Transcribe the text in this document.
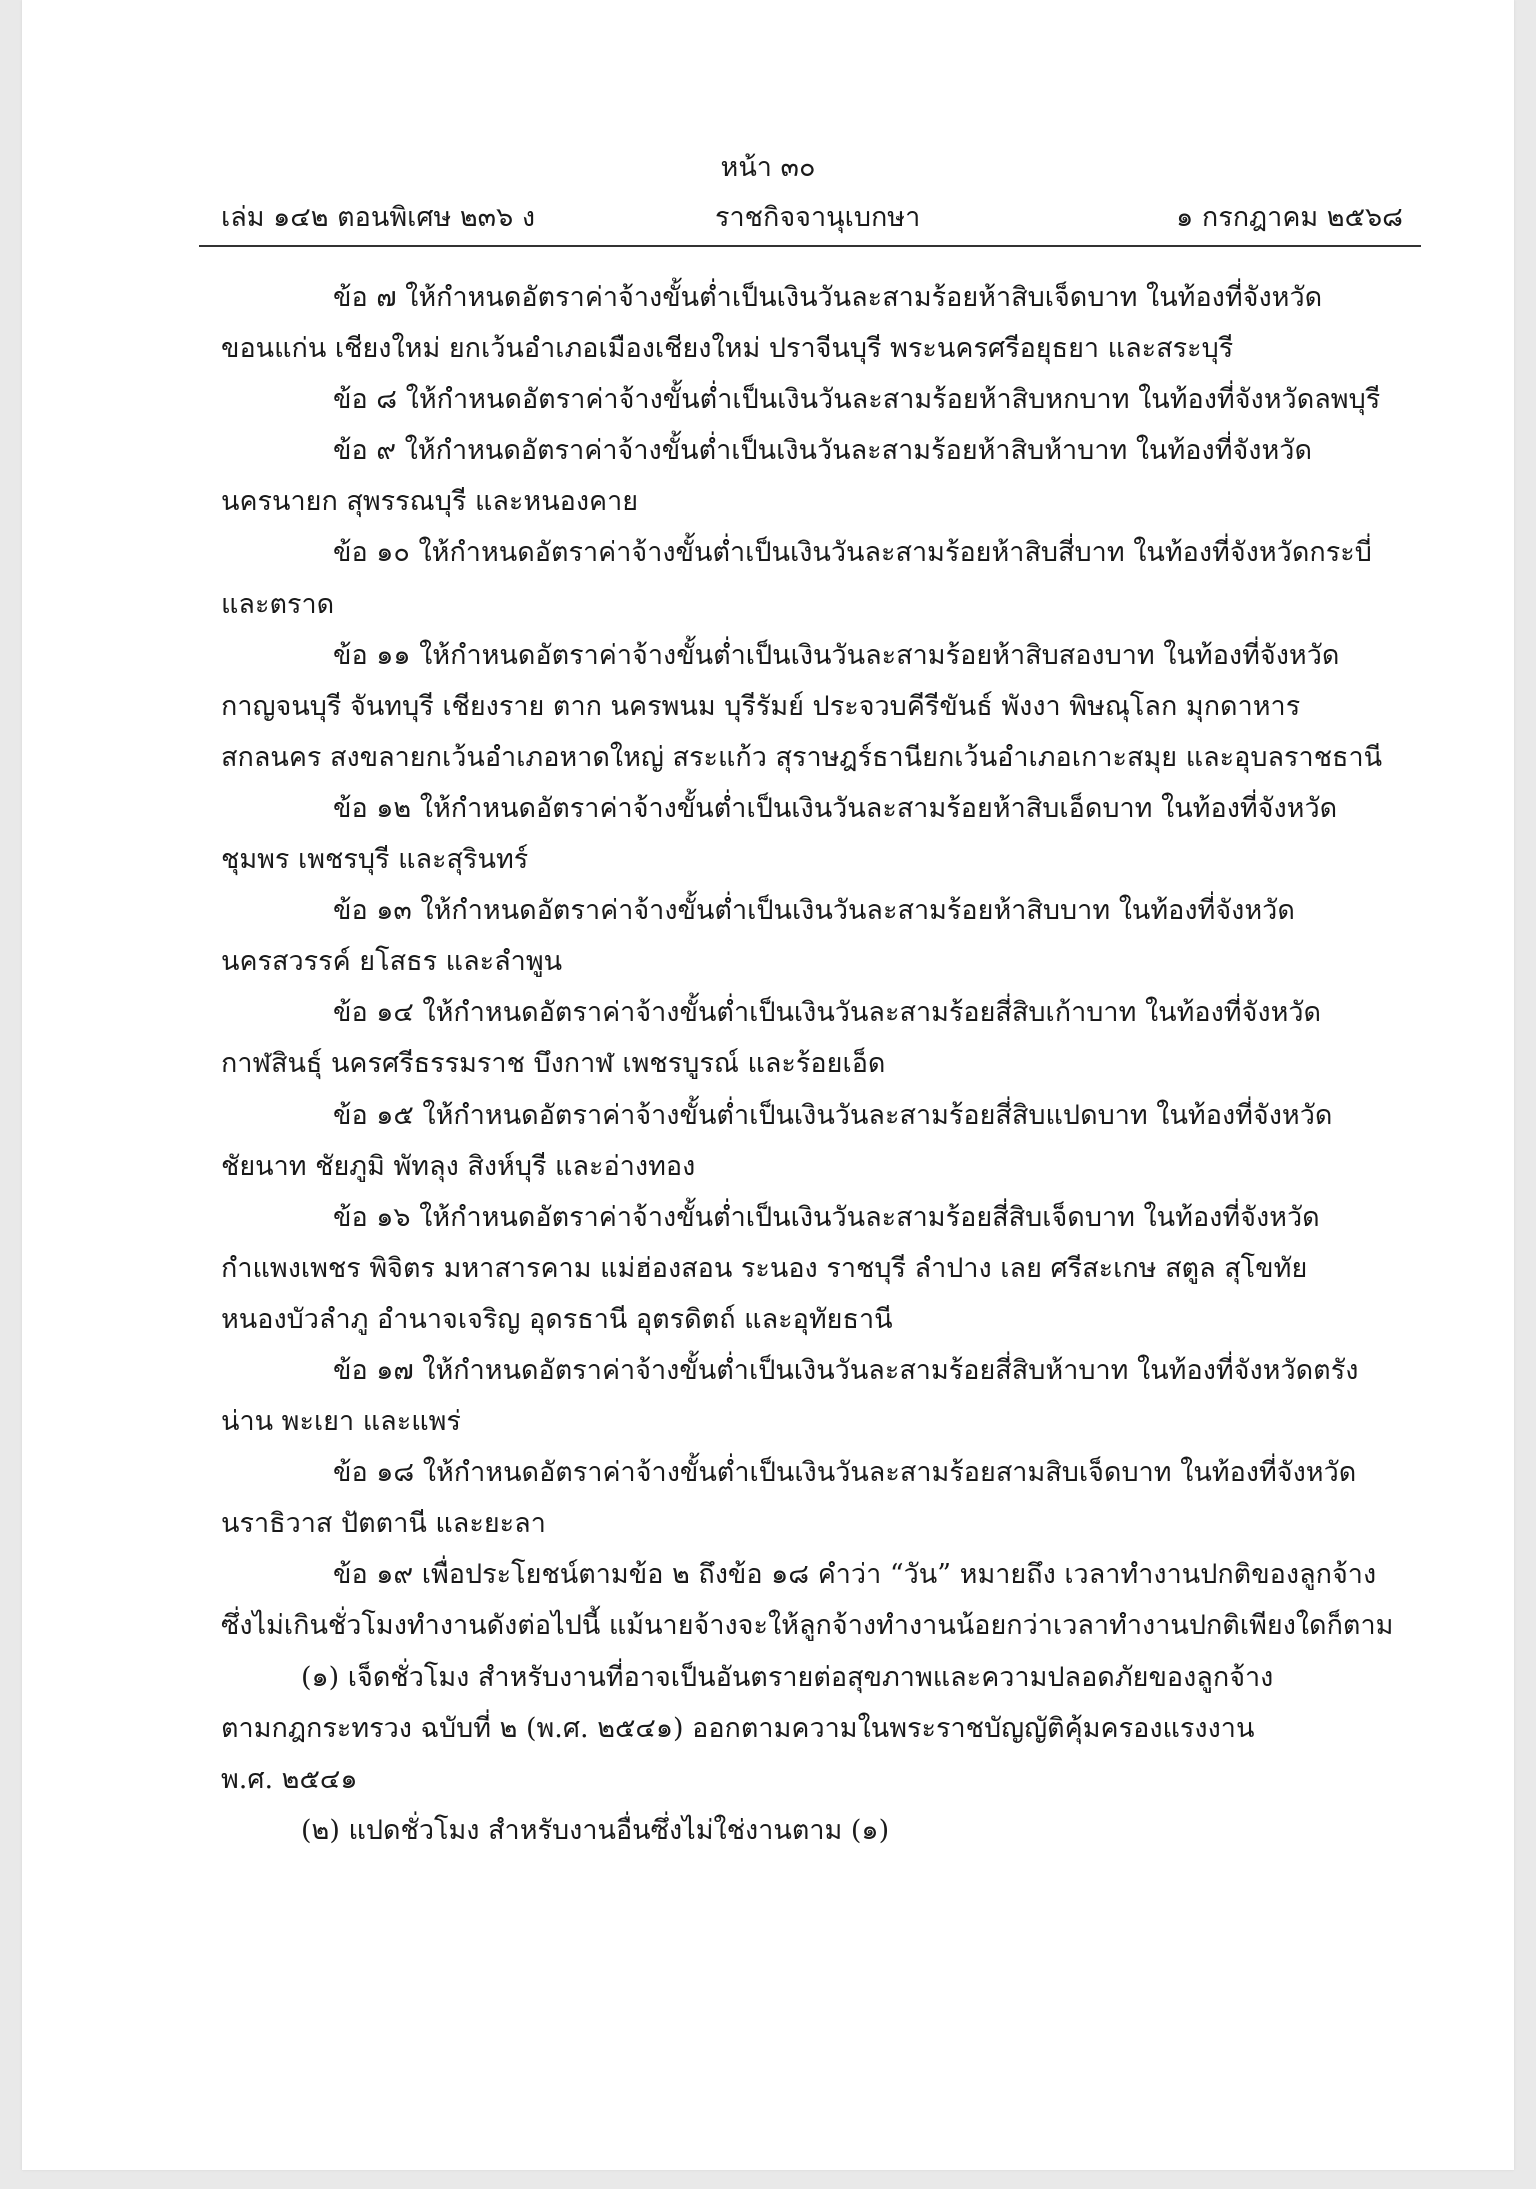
หน้า ๓๐
เล่ม ๑๔๒ ตอนพิเศษ ๒๓๖ ง	ราชกิจจานุเบกษา	๑ กรกฎาคม ๒๕๖๘
ข้อ ๗ ให้กำหนดอัตราค่าจ้างขั้นต่ำเป็นเงินวันละสามร้อยห้าสิบเจ็ดบาท ในท้องที่จังหวัด
ขอนแก่น เชียงใหม่ ยกเว้นอำเภอเมืองเชียงใหม่ ปราจีนบุรี พระนครศรีอยุธยา และสระบุรี
ข้อ ๘ ให้กำหนดอัตราค่าจ้างขั้นต่ำเป็นเงินวันละสามร้อยห้าสิบหกบาท ในท้องที่จังหวัดลพบุรี
ข้อ ๙ ให้กำหนดอัตราค่าจ้างขั้นต่ำเป็นเงินวันละสามร้อยห้าสิบห้าบาท ในท้องที่จังหวัด
นครนายก สุพรรณบุรี และหนองคาย
ข้อ ๑๐ ให้กำหนดอัตราค่าจ้างขั้นต่ำเป็นเงินวันละสามร้อยห้าสิบสี่บาท ในท้องที่จังหวัดกระบี่
และตราด
ข้อ ๑๑ ให้กำหนดอัตราค่าจ้างขั้นต่ำเป็นเงินวันละสามร้อยห้าสิบสองบาท ในท้องที่จังหวัด
กาญจนบุรี จันทบุรี เชียงราย ตาก นครพนม บุรีรัมย์ ประจวบคีรีขันธ์ พังงา พิษณุโลก มุกดาหาร
สกลนคร สงขลายกเว้นอำเภอหาดใหญ่ สระแก้ว สุราษฎร์ธานียกเว้นอำเภอเกาะสมุย และอุบลราชธานี
ข้อ ๑๒ ให้กำหนดอัตราค่าจ้างขั้นต่ำเป็นเงินวันละสามร้อยห้าสิบเอ็ดบาท ในท้องที่จังหวัด
ชุมพร เพชรบุรี และสุรินทร์
ข้อ ๑๓ ให้กำหนดอัตราค่าจ้างขั้นต่ำเป็นเงินวันละสามร้อยห้าสิบบาท ในท้องที่จังหวัด
นครสวรรค์ ยโสธร และลำพูน
ข้อ ๑๔ ให้กำหนดอัตราค่าจ้างขั้นต่ำเป็นเงินวันละสามร้อยสี่สิบเก้าบาท ในท้องที่จังหวัด
กาฬสินธุ์ นครศรีธรรมราช บึงกาฬ เพชรบูรณ์ และร้อยเอ็ด
ข้อ ๑๕ ให้กำหนดอัตราค่าจ้างขั้นต่ำเป็นเงินวันละสามร้อยสี่สิบแปดบาท ในท้องที่จังหวัด
ชัยนาท ชัยภูมิ พัทลุง สิงห์บุรี และอ่างทอง
ข้อ ๑๖ ให้กำหนดอัตราค่าจ้างขั้นต่ำเป็นเงินวันละสามร้อยสี่สิบเจ็ดบาท ในท้องที่จังหวัด
กำแพงเพชร พิจิตร มหาสารคาม แม่ฮ่องสอน ระนอง ราชบุรี ลำปาง เลย ศรีสะเกษ สตูล สุโขทัย
หนองบัวลำภู อำนาจเจริญ อุดรธานี อุตรดิตถ์ และอุทัยธานี
ข้อ ๑๗ ให้กำหนดอัตราค่าจ้างขั้นต่ำเป็นเงินวันละสามร้อยสี่สิบห้าบาท ในท้องที่จังหวัดตรัง
น่าน พะเยา และแพร่
ข้อ ๑๘ ให้กำหนดอัตราค่าจ้างขั้นต่ำเป็นเงินวันละสามร้อยสามสิบเจ็ดบาท ในท้องที่จังหวัด
นราธิวาส ปัตตานี และยะลา
ข้อ ๑๙ เพื่อประโยชน์ตามข้อ ๒ ถึงข้อ ๑๘ คำว่า “วัน” หมายถึง เวลาทำงานปกติของลูกจ้าง
ซึ่งไม่เกินชั่วโมงทำงานดังต่อไปนี้ แม้นายจ้างจะให้ลูกจ้างทำงานน้อยกว่าเวลาทำงานปกติเพียงใดก็ตาม
(๑) เจ็ดชั่วโมง สำหรับงานที่อาจเป็นอันตรายต่อสุขภาพและความปลอดภัยของลูกจ้าง
ตามกฎกระทรวง ฉบับที่ ๒ (พ.ศ. ๒๕๔๑) ออกตามความในพระราชบัญญัติคุ้มครองแรงงาน
พ.ศ. ๒๕๔๑
(๒) แปดชั่วโมง สำหรับงานอื่นซึ่งไม่ใช่งานตาม (๑)
